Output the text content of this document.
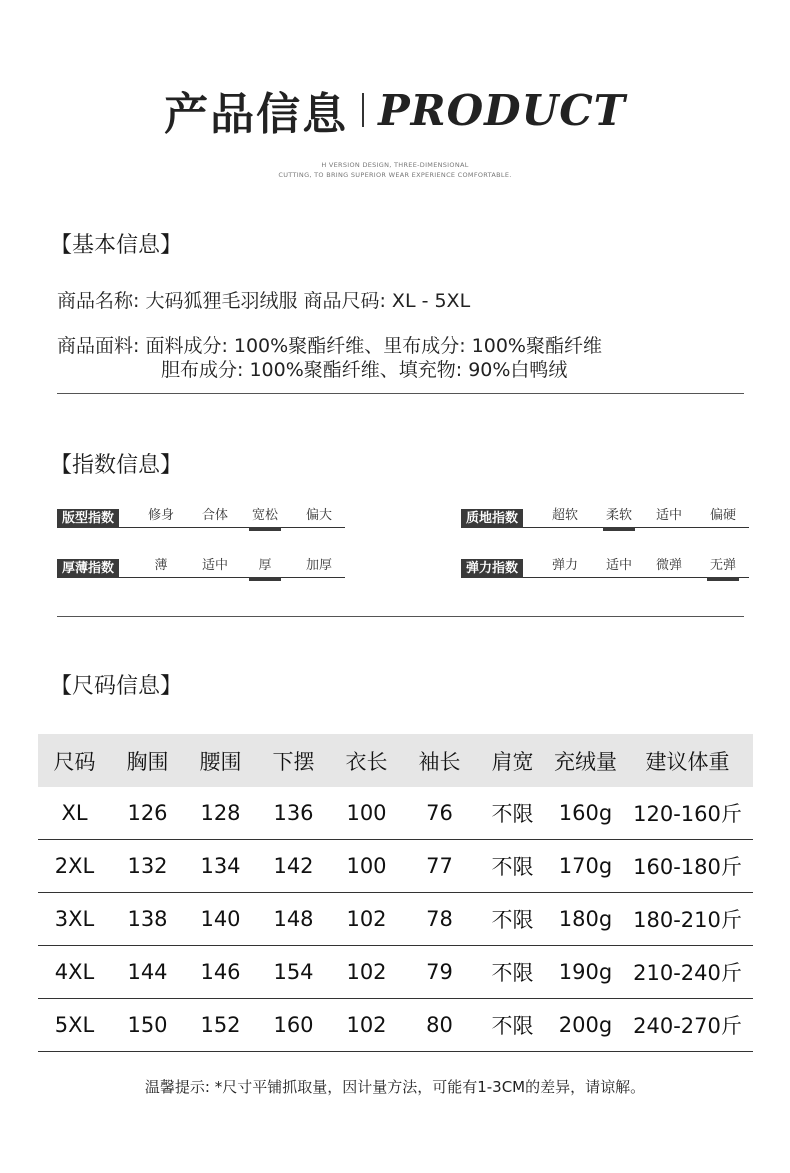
产品信息 PRODUCT
H VERSION DESIGN, THREE-DIMENSIONAL
CUTTING, TO BRING SUPERIOR WEAR EXPERIENCE COMFORTABLE.
【基本信息】
商品名称: 大码狐狸毛羽绒服 商品尺码: XL - 5XL
商品面料: 面料成分: 100%聚酯纤维、里布成分: 100%聚酯纤维
胆布成分: 100%聚酯纤维、填充物: 90%白鸭绒
【指数信息】
版型指数	修身 合体 宽松 偏大	质地指数	超软 柔软 适中 偏硬
厚薄指数	薄	适中 厚	加厚	弹力指数	弹力 适中 微弹 无弹
【尺码信息】
尺码	胸围	腰围	下摆	衣长	袖长	肩宽	充绒量	建议体重
XL	126	128	136	100	76	不限	160g	120-160斤
2XL	132	134	142	100	77	不限	170g	160-180斤
3XL	138	140	148	102	78	不限	180g	180-210斤
4XL	144	146	154	102	79	不限	190g	210-240斤
5XL	150	152	160	102	80	不限	200g	240-270斤
温馨提示: *尺寸平铺抓取量，因计量方法，可能有1-3CM的差异，请谅解。
